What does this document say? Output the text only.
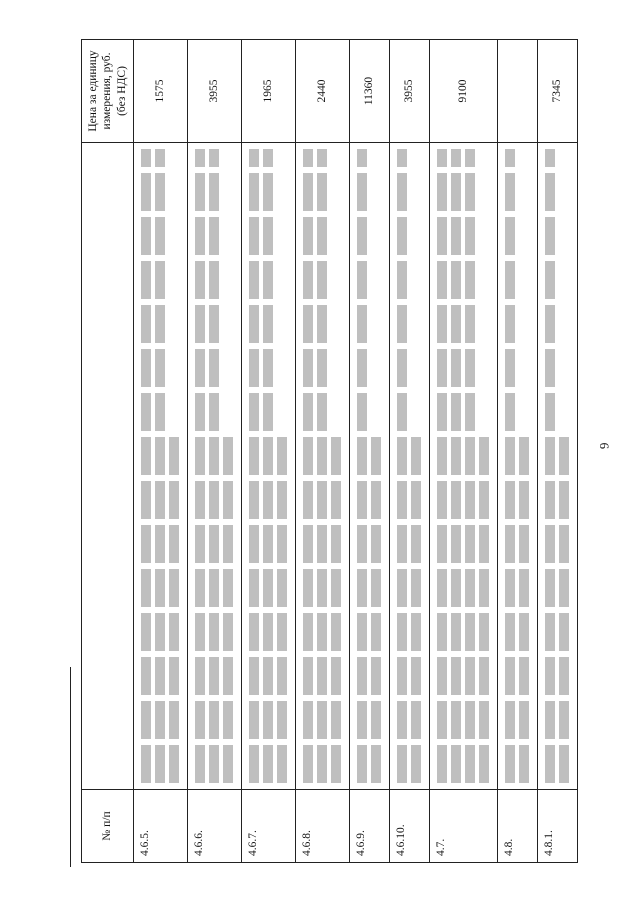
6
№ п/п		Цена за единицу измерения, руб. (без НДС)
4.6.5.		1575
4.6.6.		3955
4.6.7.		1965
4.6.8.		2440
4.6.9.		11360
4.6.10.		3955
4.7.		9100
4.8.	

4.8.1.		7345
